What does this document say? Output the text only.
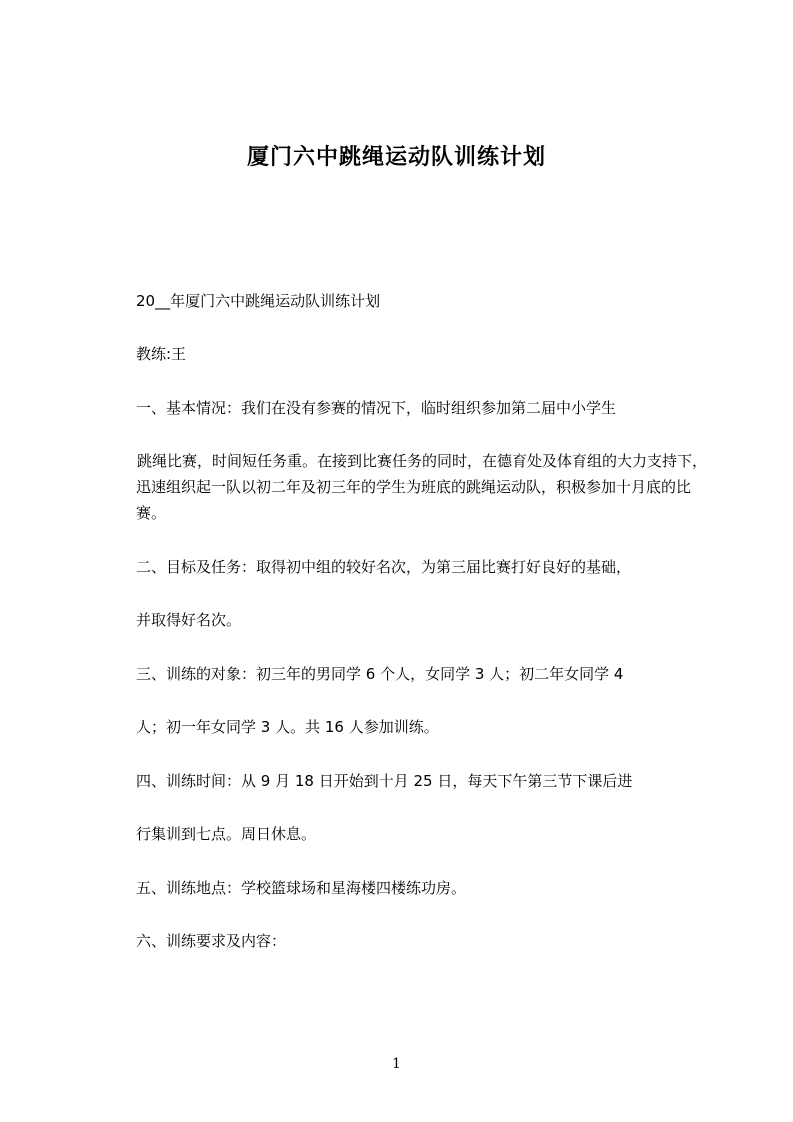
厦门六中跳绳运动队训练计划
20__年厦门六中跳绳运动队训练计划
教练:王
一、基本情况：我们在没有参赛的情况下，临时组织参加第二届中小学生
跳绳比赛，时间短任务重。在接到比赛任务的同时，在德育处及体育组的大力支持下，迅速组织起一队以初二年及初三年的学生为班底的跳绳运动队，积极参加十月底的比赛。
二、目标及任务：取得初中组的较好名次，为第三届比赛打好良好的基础，
并取得好名次。
三、训练的对象：初三年的男同学 6 个人，女同学 3 人；初二年女同学 4
人；初一年女同学 3 人。共 16 人参加训练。
四、训练时间：从 9 月 18 日开始到十月 25 日，每天下午第三节下课后进
行集训到七点。周日休息。
五、训练地点：学校篮球场和星海楼四楼练功房。
六、训练要求及内容：
1
